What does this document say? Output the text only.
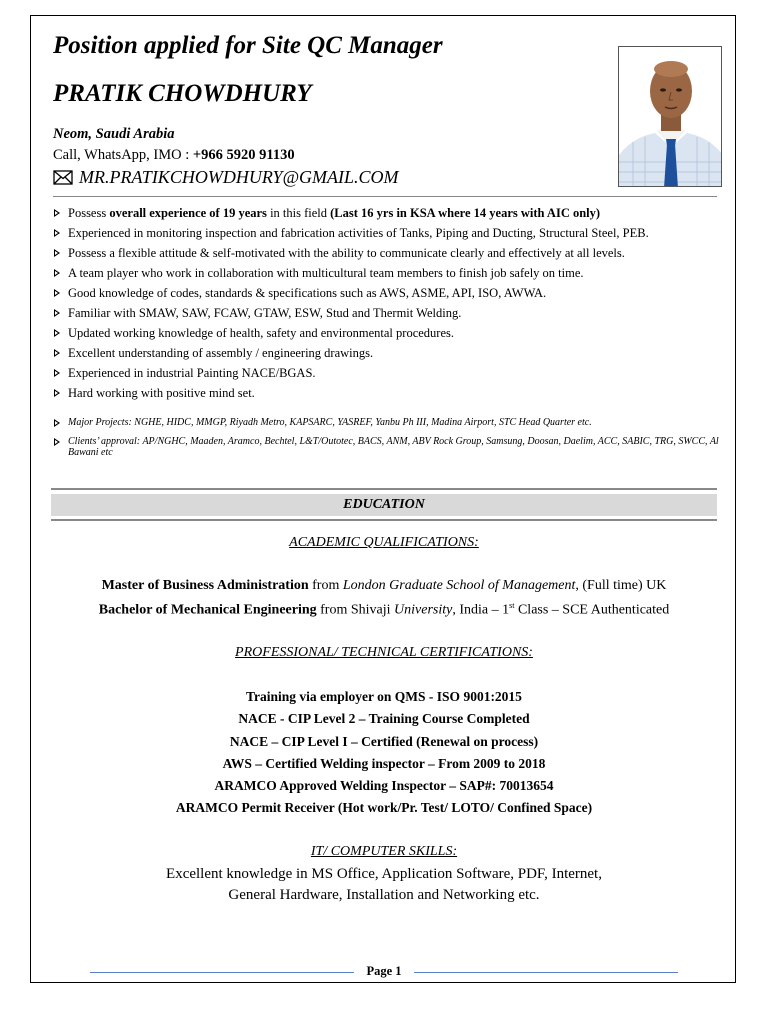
Position applied for Site QC Manager
PRATIK CHOWDHURY
Neom, Saudi Arabia
Call, WhatsApp, IMO : +966 5920 91130
MR.PRATIKCHOWDHURY@GMAIL.COM
Possess overall experience of 19 years in this field (Last 16 yrs in KSA where 14 years with AIC only)
Experienced in monitoring inspection and fabrication activities of Tanks, Piping and Ducting, Structural Steel, PEB.
Possess a flexible attitude & self-motivated with the ability to communicate clearly and effectively at all levels.
A team player who work in collaboration with multicultural team members to finish job safely on time.
Good knowledge of codes, standards & specifications such as AWS, ASME, API, ISO, AWWA.
Familiar with SMAW, SAW, FCAW, GTAW, ESW, Stud and Thermit Welding.
Updated working knowledge of health, safety and environmental procedures.
Excellent understanding of assembly / engineering drawings.
Experienced in industrial Painting NACE/BGAS.
Hard working with positive mind set.
Major Projects: NGHE, HIDC, MMGP, Riyadh Metro, KAPSARC, YASREF, Yanbu Ph III, Madina Airport, STC Head Quarter etc.
Clients’ approval: AP/NGHC, Maaden, Aramco, Bechtel, L&T/Outotec, BACS, ANM, ABV Rock Group, Samsung, Doosan, Daelim, ACC, SABIC, TRG, SWCC, Al Bawani etc
EDUCATION
ACADEMIC QUALIFICATIONS:
Master of Business Administration from London Graduate School of Management, (Full time) UK
Bachelor of Mechanical Engineering from Shivaji University, India – 1st Class – SCE Authenticated
PROFESSIONAL/ TECHNICAL CERTIFICATIONS:
Training via employer on QMS - ISO 9001:2015
NACE - CIP Level 2 – Training Course Completed
NACE – CIP Level I – Certified (Renewal on process)
AWS – Certified Welding inspector – From 2009 to 2018
ARAMCO Approved Welding Inspector – SAP#: 70013654
ARAMCO Permit Receiver (Hot work/Pr. Test/ LOTO/ Confined Space)
IT/ COMPUTER SKILLS:
Excellent knowledge in MS Office, Application Software, PDF, Internet,
General Hardware, Installation and Networking etc.
Page 1
